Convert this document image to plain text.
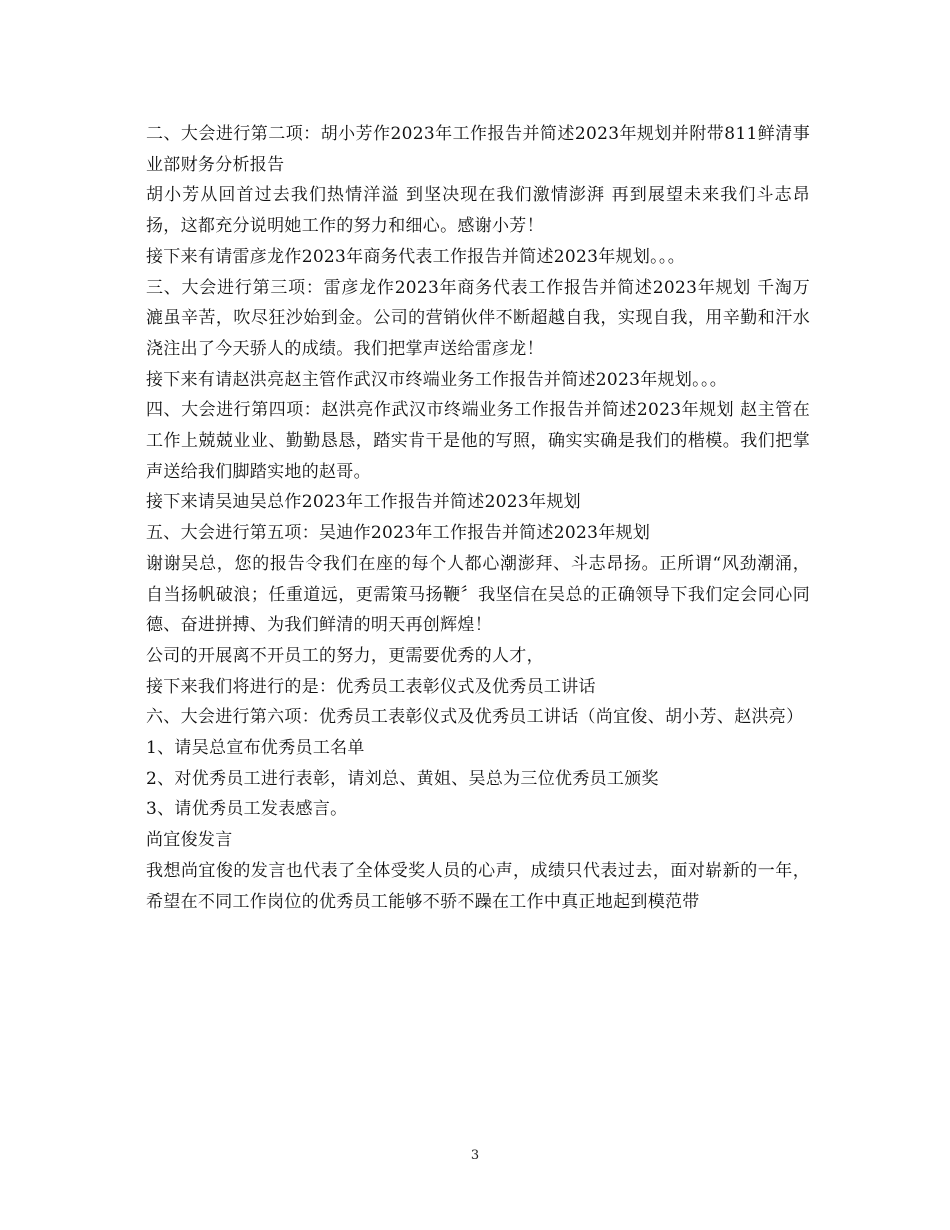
二、大会进行第二项：胡小芳作2023年工作报告并简述2023年规划并附带811鲜清事业部财务分析报告

胡小芳从回首过去我们热情洋溢 到坚决现在我们激情澎湃 再到展望未来我们斗志昂扬，这都充分说明她工作的努力和细心。感谢小芳！

接下来有请雷彦龙作2023年商务代表工作报告并简述2023年规划。。。

三、大会进行第三项：雷彦龙作2023年商务代表工作报告并简述2023年规划 千淘万漉虽辛苦，吹尽狂沙始到金。公司的营销伙伴不断超越自我，实现自我，用辛勤和汗水浇注出了今天骄人的成绩。我们把掌声送给雷彦龙！

接下来有请赵洪亮赵主管作武汉市终端业务工作报告并简述2023年规划。。。

四、大会进行第四项：赵洪亮作武汉市终端业务工作报告并简述2023年规划 赵主管在工作上兢兢业业、勤勤恳恳，踏实肯干是他的写照，确实实确是我们的楷模。我们把掌声送给我们脚踏实地的赵哥。

接下来请吴迪吴总作2023年工作报告并简述2023年规划

五、大会进行第五项：吴迪作2023年工作报告并简述2023年规划

谢谢吴总，您的报告令我们在座的每个人都心潮澎拜、斗志昂扬。正所谓“风劲潮涌，自当扬帆破浪；任重道远，更需策马扬鞭〞我坚信在吴总的正确领导下我们定会同心同德、奋进拼搏、为我们鲜清的明天再创辉煌！

公司的开展离不开员工的努力，更需要优秀的人才，

接下来我们将进行的是：优秀员工表彰仪式及优秀员工讲话

六、大会进行第六项：优秀员工表彰仪式及优秀员工讲话（尚宜俊、胡小芳、赵洪亮）

1、请吴总宣布优秀员工名单

2、对优秀员工进行表彰，请刘总、黄姐、吴总为三位优秀员工颁奖

3、请优秀员工发表感言。

尚宜俊发言

我想尚宜俊的发言也代表了全体受奖人员的心声，成绩只代表过去，面对崭新的一年，希望在不同工作岗位的优秀员工能够不骄不躁在工作中真正地起到模范带

3
